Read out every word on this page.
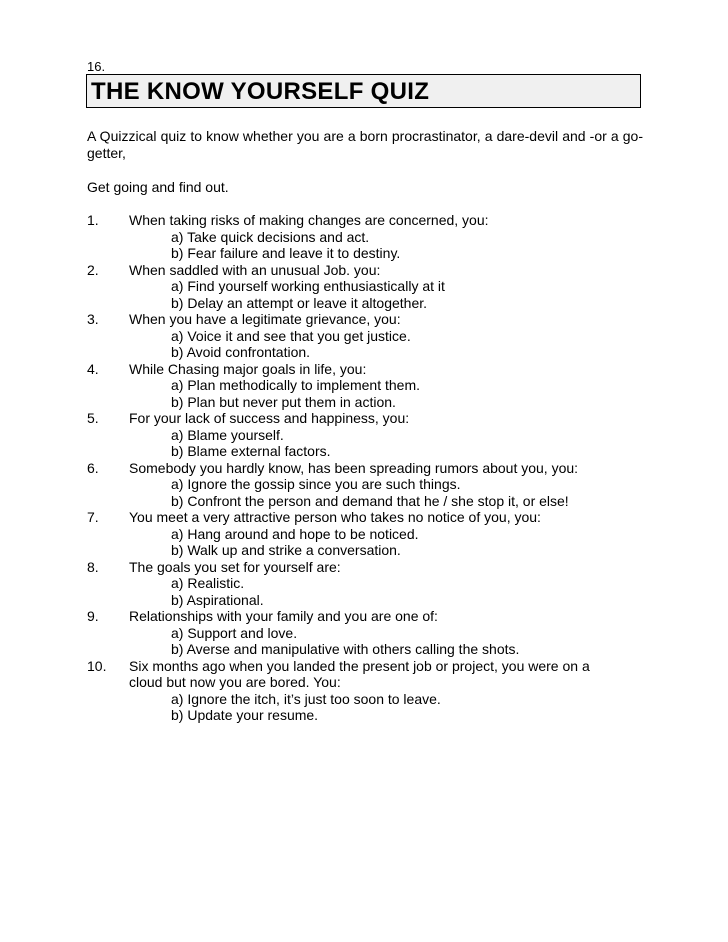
16.
THE KNOW YOURSELF QUIZ
A Quizzical quiz to know whether you are a born procrastinator, a dare-devil and -or a go-getter,
Get going and find out.
1. When taking risks of making changes are concerned, you:
a) Take quick decisions and act.
b) Fear failure and leave it to destiny.
2. When saddled with an unusual Job. you:
a) Find yourself working enthusiastically at it
b) Delay an attempt or leave it altogether.
3. When you have a legitimate grievance, you:
a) Voice it and see that you get justice.
b) Avoid confrontation.
4. While Chasing major goals in life, you:
a) Plan methodically to implement them.
b) Plan but never put them in action.
5. For your lack of success and happiness, you:
a) Blame yourself.
b) Blame external factors.
6. Somebody you hardly know, has been spreading rumors about you, you:
a) Ignore the gossip since you are such things.
b) Confront the person and demand that he / she stop it, or else!
7. You meet a very attractive person who takes no notice of you, you:
a) Hang around and hope to be noticed.
b) Walk up and strike a conversation.
8. The goals you set for yourself are:
a) Realistic.
b) Aspirational.
9. Relationships with your family and you are one of:
a) Support and love.
b) Averse and manipulative with others calling the shots.
10. Six months ago when you landed the present job or project, you were on a cloud but now you are bored. You:
a) Ignore the itch, it’s just too soon to leave.
b) Update your resume.
